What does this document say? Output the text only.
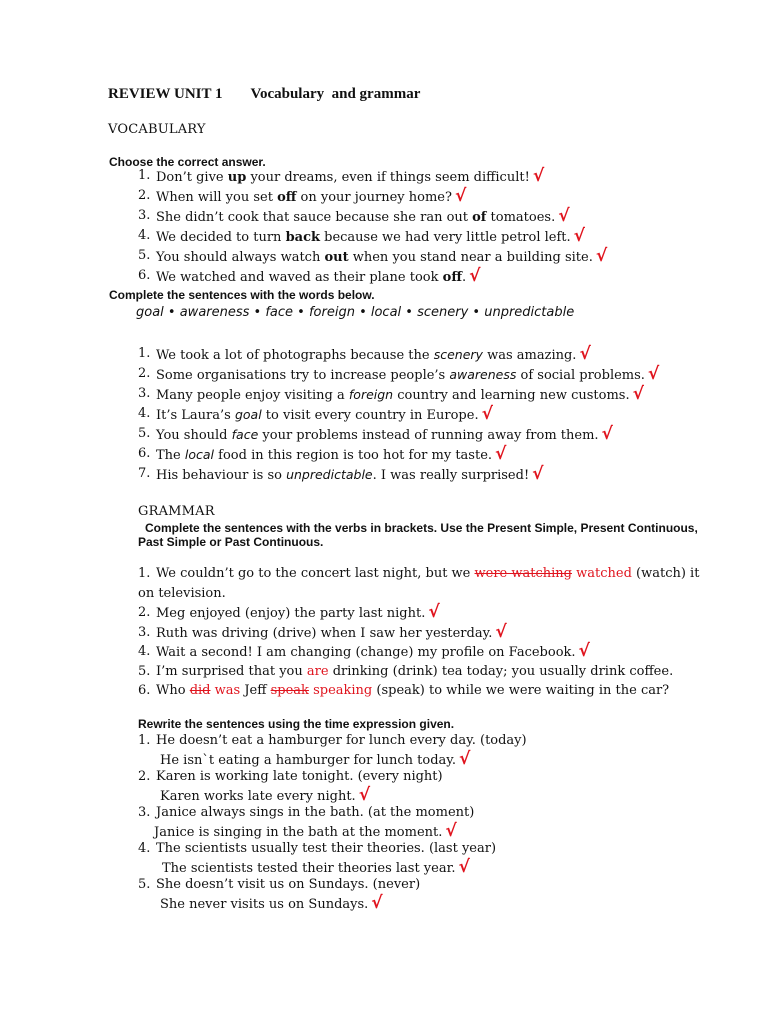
REVIEW UNIT 1 Vocabulary  and grammar
VOCABULARY
Choose the correct answer.
1. Don’t give up your dreams, even if things seem difficult! √
2. When will you set off on your journey home? √
3. She didn’t cook that sauce because she ran out of tomatoes. √
4. We decided to turn back because we had very little petrol left. √
5. You should always watch out when you stand near a building site. √
6. We watched and waved as their plane took off. √
Complete the sentences with the words below.
goal • awareness • face • foreign • local • scenery • unpredictable
1. We took a lot of photographs because the scenery was amazing. √
2. Some organisations try to increase people’s awareness of social problems. √
3. Many people enjoy visiting a foreign country and learning new customs. √
4. It’s Laura’s goal to visit every country in Europe. √
5. You should face your problems instead of running away from them. √
6. The local food in this region is too hot for my taste. √
7. His behaviour is so unpredictable. I was really surprised! √
GRAMMAR
Complete the sentences with the verbs in brackets. Use the Present Simple, Present Continuous,
Past Simple or Past Continuous.
1. We couldn’t go to the concert last night, but we were watching watched (watch) it
on television.
2. Meg enjoyed (enjoy) the party last night. √
3. Ruth was driving (drive) when I saw her yesterday. √
4. Wait a second! I am changing (change) my profile on Facebook. √
5. I’m surprised that you are drinking (drink) tea today; you usually drink coffee.
6. Who did was Jeff speak speaking (speak) to while we were waiting in the car?
Rewrite the sentences using the time expression given.
1. He doesn’t eat a hamburger for lunch every day. (today)
He isn`t eating a hamburger for lunch today. √
2. Karen is working late tonight. (every night)
Karen works late every night. √
3. Janice always sings in the bath. (at the moment)
Janice is singing in the bath at the moment. √
4. The scientists usually test their theories. (last year)
The scientists tested their theories last year. √
5. She doesn’t visit us on Sundays. (never)
She never visits us on Sundays. √
